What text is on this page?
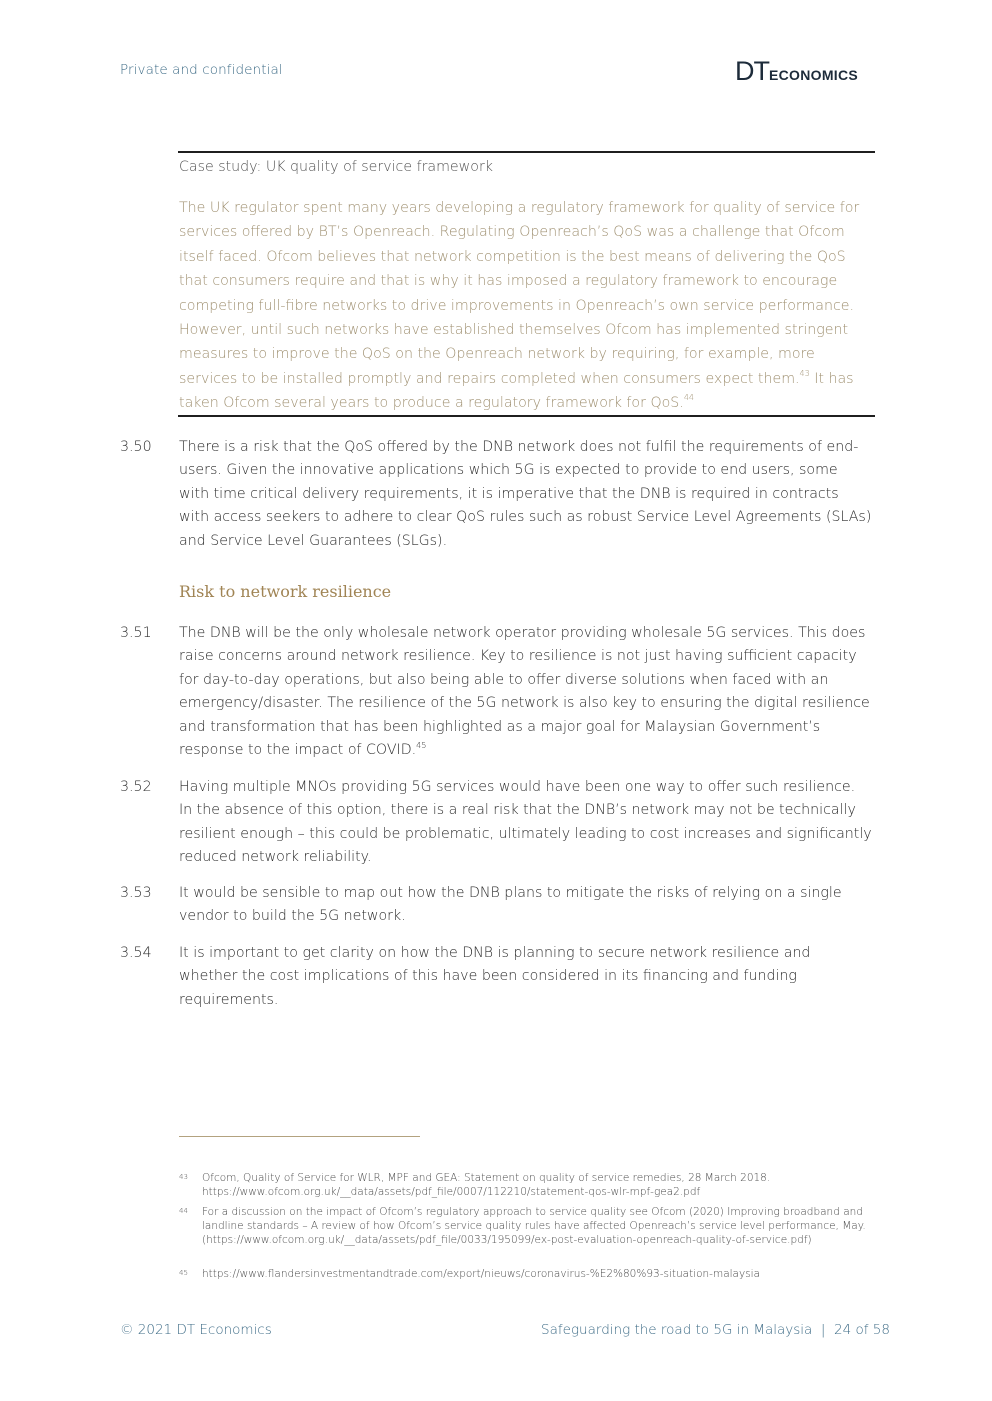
Private and confidential	DTECONOMICS
Case study: UK quality of service framework
The UK regulator spent many years developing a regulatory framework for quality of service for services offered by BT’s Openreach. Regulating Openreach’s QoS was a challenge that Ofcom itself faced. Ofcom believes that network competition is the best means of delivering the QoS that consumers require and that is why it has imposed a regulatory framework to encourage competing full-fibre networks to drive improvements in Openreach’s own service performance. However, until such networks have established themselves Ofcom has implemented stringent measures to improve the QoS on the Openreach network by requiring, for example, more services to be installed promptly and repairs completed when consumers expect them.$^{43}$ It has taken Ofcom several years to produce a regulatory framework for QoS.$^{44}$
3.50	There is a risk that the QoS offered by the DNB network does not fulfil the requirements of end-users. Given the innovative applications which 5G is expected to provide to end users, some with time critical delivery requirements, it is imperative that the DNB is required in contracts with access seekers to adhere to clear QoS rules such as robust Service Level Agreements (SLAs) and Service Level Guarantees (SLGs).
Risk to network resilience
3.51	The DNB will be the only wholesale network operator providing wholesale 5G services. This does raise concerns around network resilience. Key to resilience is not just having sufficient capacity for day-to-day operations, but also being able to offer diverse solutions when faced with an emergency/disaster. The resilience of the 5G network is also key to ensuring the digital resilience and transformation that has been highlighted as a major goal for Malaysian Government’s response to the impact of COVID.$^{45}$
3.52	Having multiple MNOs providing 5G services would have been one way to offer such resilience. In the absence of this option, there is a real risk that the DNB’s network may not be technically resilient enough – this could be problematic, ultimately leading to cost increases and significantly reduced network reliability.
3.53	It would be sensible to map out how the DNB plans to mitigate the risks of relying on a single vendor to build the 5G network.
3.54	It is important to get clarity on how the DNB is planning to secure network resilience and whether the cost implications of this have been considered in its financing and funding requirements.
43 Ofcom, Quality of Service for WLR, MPF and GEA: Statement on quality of service remedies, 28 March 2018. https://www.ofcom.org.uk/__data/assets/pdf_file/0007/112210/statement-qos-wlr-mpf-gea2.pdf
44 For a discussion on the impact of Ofcom’s regulatory approach to service quality see Ofcom (2020) Improving broadband and landline standards – A review of how Ofcom’s service quality rules have affected Openreach’s service level performance, May. (https://www.ofcom.org.uk/__data/assets/pdf_file/0033/195099/ex-post-evaluation-openreach-quality-of-service.pdf)
45 https://www.flandersinvestmentandtrade.com/export/nieuws/coronavirus-%E2%80%93-situation-malaysia
© 2021 DT Economics	Safeguarding the road to 5G in Malaysia  |  24 of 58
